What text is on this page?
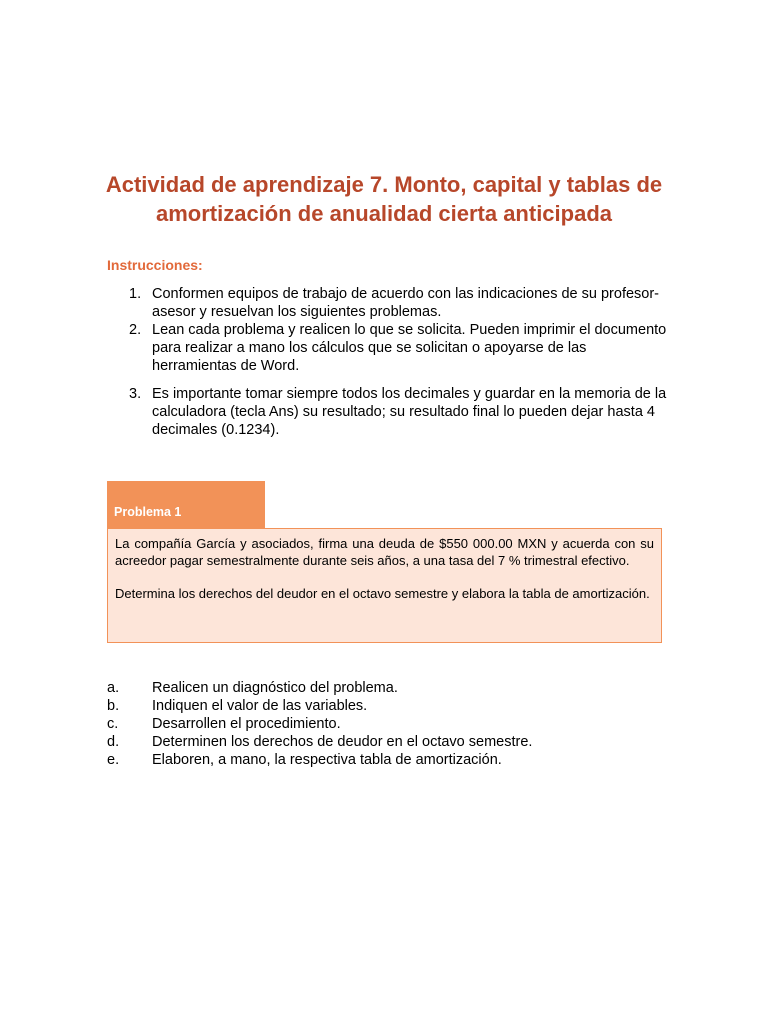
Actividad de aprendizaje 7. Monto, capital y tablas de amortización de anualidad cierta anticipada
Instrucciones:
1. Conformen equipos de trabajo de acuerdo con las indicaciones de su profesor-asesor y resuelvan los siguientes problemas.
2. Lean cada problema y realicen lo que se solicita. Pueden imprimir el documento para realizar a mano los cálculos que se solicitan o apoyarse de las herramientas de Word.
3. Es importante tomar siempre todos los decimales y guardar en la memoria de la calculadora (tecla Ans) su resultado; su resultado final lo pueden dejar hasta 4 decimales (0.1234).
Problema 1

La compañía García y asociados, firma una deuda de $550 000.00 MXN y acuerda con su acreedor pagar semestralmente durante seis años, a una tasa del 7 % trimestral efectivo.

Determina los derechos del deudor en el octavo semestre y elabora la tabla de amortización.

a. Realicen un diagnóstico del problema.
b. Indiquen el valor de las variables.
c. Desarrollen el procedimiento.
d. Determinen los derechos de deudor en el octavo semestre.
e. Elaboren, a mano, la respectiva tabla de amortización.
